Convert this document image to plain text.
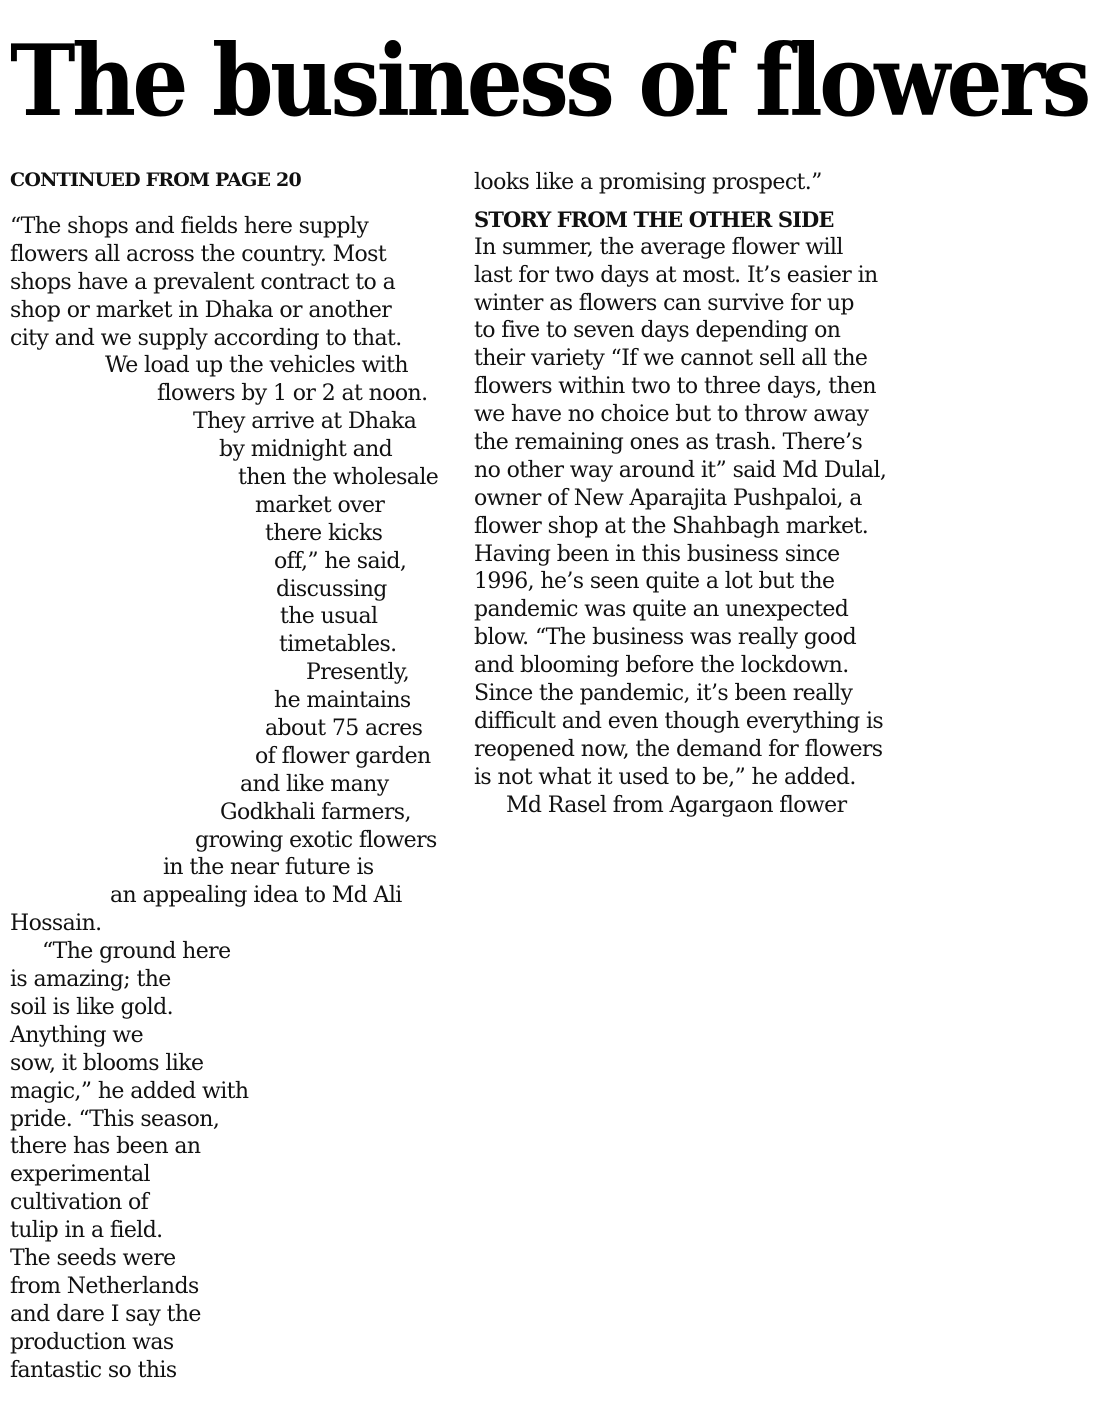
The business of flowers
CONTINUED FROM PAGE 20
“The shops and fields here supply
flowers all across the country. Most
shops have a prevalent contract to a
shop or market in Dhaka or another
city and we supply according to that.
We load up the vehicles with
flowers by 1 or 2 at noon.
They arrive at Dhaka
by midnight and
then the wholesale
market over
there kicks
off,” he said,
discussing
the usual
timetables.
Presently,
he maintains
about 75 acres
of flower garden
and like many
Godkhali farmers,
growing exotic flowers
in the near future is
an appealing idea to Md Ali
Hossain.
“The ground here
is amazing; the
soil is like gold.
Anything we
sow, it blooms like
magic,” he added with
pride. “This season,
there has been an
experimental
cultivation of
tulip in a field.
The seeds were
from Netherlands
and dare I say the
production was
fantastic so this
looks like a promising prospect.”
STORY FROM THE OTHER SIDE
In summer, the average flower will
last for two days at most. It’s easier in
winter as flowers can survive for up
to five to seven days depending on
their variety “If we cannot sell all the
flowers within two to three days, then
we have no choice but to throw away
the remaining ones as trash. There’s
no other way around it” said Md Dulal,
owner of New Aparajita Pushpaloi, a
flower shop at the Shahbagh market.
Having been in this business since
1996, he’s seen quite a lot but the
pandemic was quite an unexpected
blow. “The business was really good
and blooming before the lockdown.
Since the pandemic, it’s been really
difficult and even though everything is
reopened now, the demand for flowers
is not what it used to be,” he added.
Md Rasel from Agargaon flower
